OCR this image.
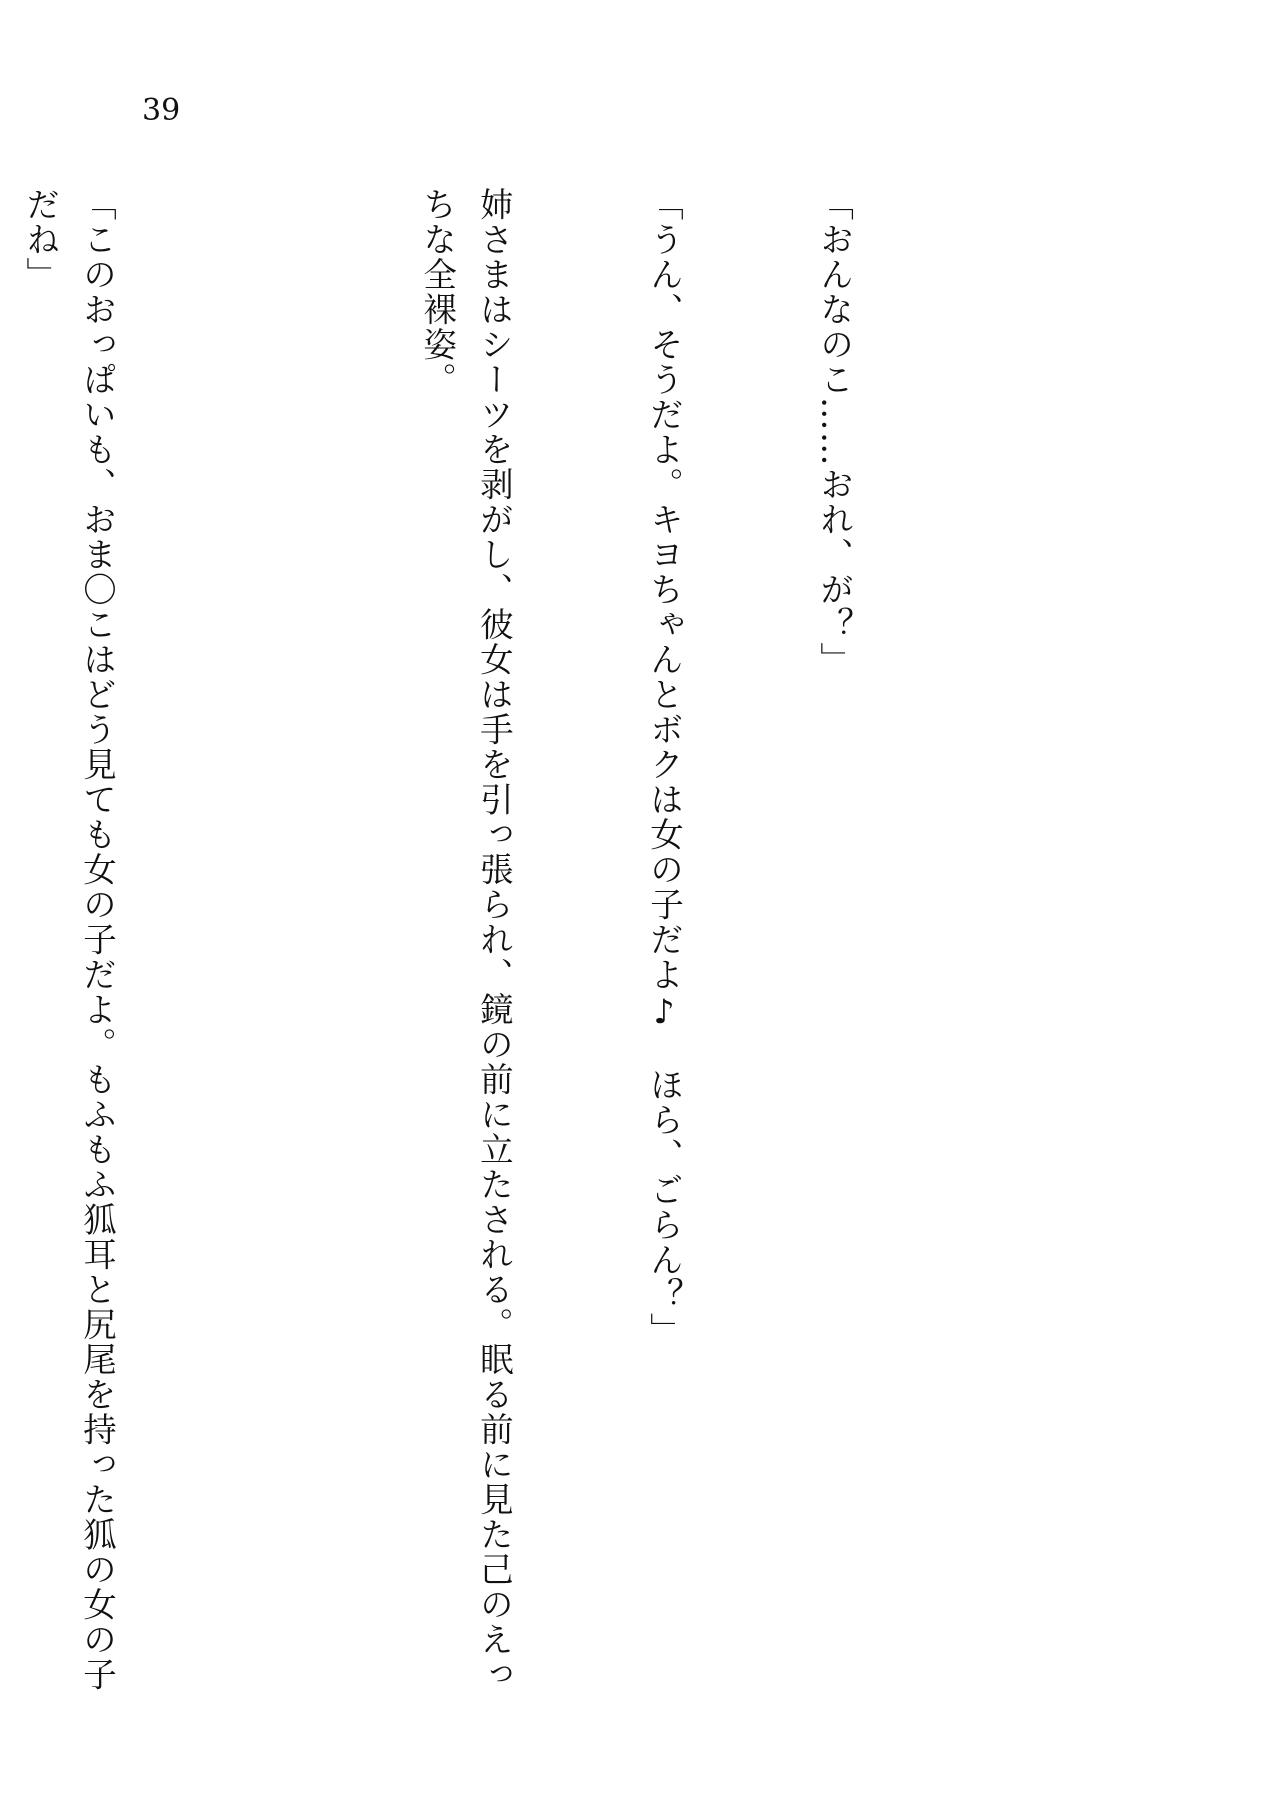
39

「おんなのこ……おれ、が？」

「うん、そうだよ。キヨちゃんとボクは女の子だよ♪　ほら、ごらん？」

姉さまはシーツを剥がし、彼女は手を引っ張られ、鏡の前に立たされる。眠る前に見た己のえっちな全裸姿。

「このおっぱいも、おま〇こはどう見ても女の子だよ。もふもふ狐耳と尻尾を持った狐の女の子だね」
